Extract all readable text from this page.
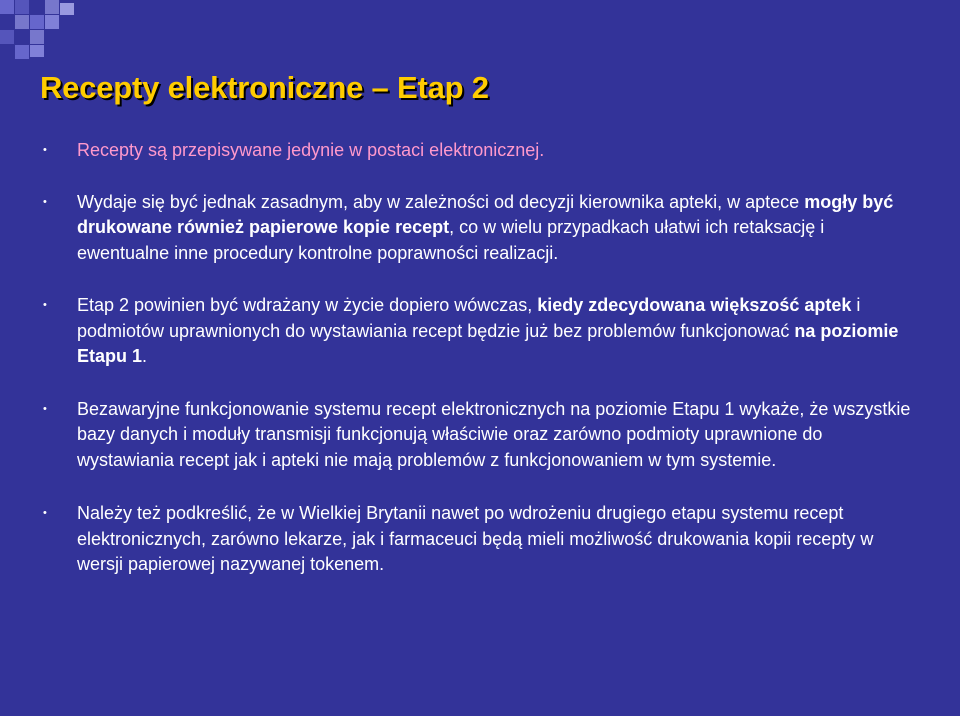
Recepty elektroniczne – Etap 2
• Recepty są przepisywane jedynie w postaci elektronicznej.
• Wydaje się być jednak zasadnym, aby w zależności od decyzji kierownika apteki, w aptece mogły być drukowane również papierowe kopie recept, co w wielu przypadkach ułatwi ich retaksację i ewentualne inne procedury kontrolne poprawności realizacji.
• Etap 2 powinien być wdrażany w życie dopiero wówczas, kiedy zdecydowana większość aptek i podmiotów uprawnionych do wystawiania recept będzie już bez problemów funkcjonować na poziomie Etapu 1.
• Bezawaryjne funkcjonowanie systemu recept elektronicznych na poziomie Etapu 1 wykaże, że wszystkie bazy danych i moduły transmisji funkcjonują właściwie oraz zarówno podmioty uprawnione do wystawiania recept jak i apteki nie mają problemów z funkcjonowaniem w tym systemie.
• Należy też podkreślić, że w Wielkiej Brytanii nawet po wdrożeniu drugiego etapu systemu recept elektronicznych, zarówno lekarze, jak i farmaceuci będą mieli możliwość drukowania kopii recepty w wersji papierowej nazywanej tokenem.
